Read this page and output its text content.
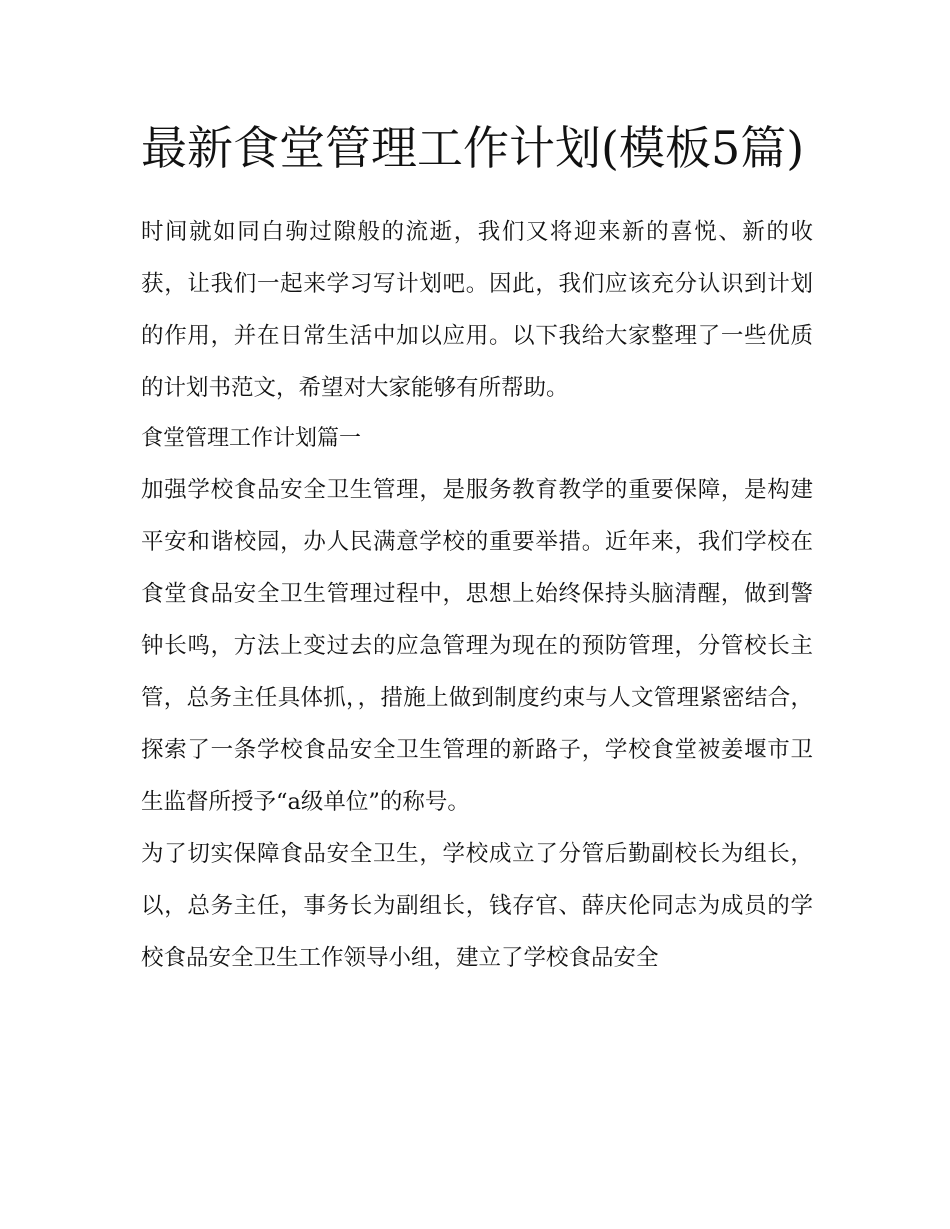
最新食堂管理工作计划(模板5篇)

时间就如同白驹过隙般的流逝，我们又将迎来新的喜悦、新的收获，让我们一起来学习写计划吧。因此，我们应该充分认识到计划的作用，并在日常生活中加以应用。以下我给大家整理了一些优质的计划书范文，希望对大家能够有所帮助。

食堂管理工作计划篇一

加强学校食品安全卫生管理，是服务教育教学的重要保障，是构建平安和谐校园，办人民满意学校的重要举措。近年来，我们学校在食堂食品安全卫生管理过程中，思想上始终保持头脑清醒，做到警钟长鸣，方法上变过去的应急管理为现在的预防管理，分管校长主管，总务主任具体抓，，措施上做到制度约束与人文管理紧密结合，探索了一条学校食品安全卫生管理的新路子，学校食堂被姜堰市卫生监督所授予“a级单位”的称号。

为了切实保障食品安全卫生，学校成立了分管后勤副校长为组长，以，总务主任，事务长为副组长，钱存官、薛庆伦同志为成员的学校食品安全卫生工作领导小组，建立了学校食品安全
